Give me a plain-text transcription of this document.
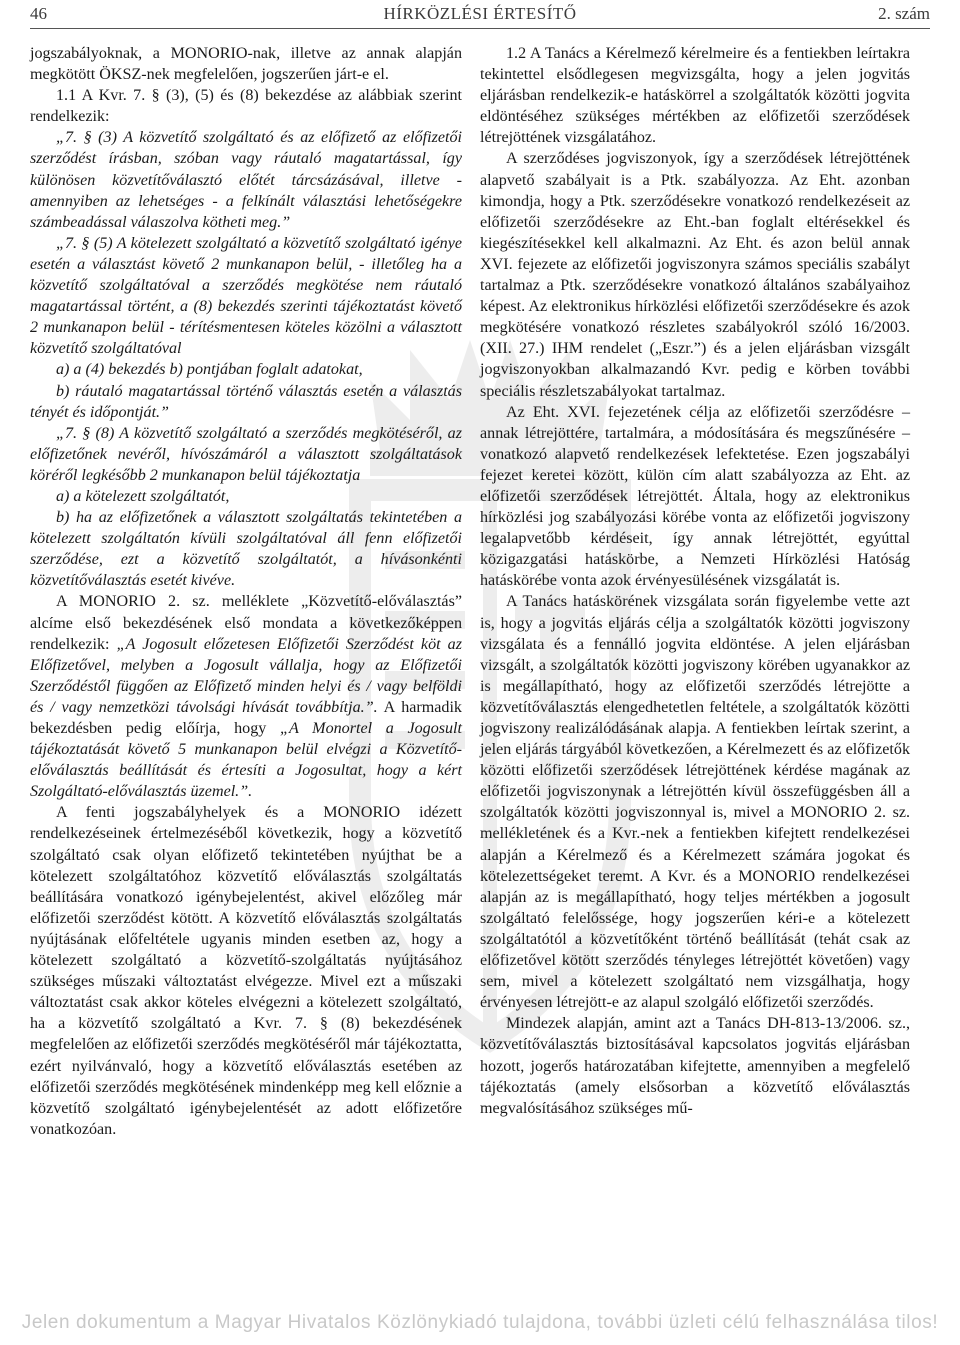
46	HÍRKÖZLÉSI ÉRTESÍTŐ	2. szám

jogszabályoknak, a MONORIO-nak, illetve az annak alapján megkötött ÖKSZ-nek megfelelően, jogszerűen járt-e el.

1.1 A Kvr. 7. § (3), (5) és (8) bekezdése az alábbiak szerint rendelkezik:

„7. § (3) A közvetítő szolgáltató és az előfizető az előfizetői szerződést írásban, szóban vagy ráutaló magatartással, így különösen közvetítőválasztó előtét tárcsázásával, illetve - amennyiben az lehetséges - a felkínált választási lehetőségekre számbeadással válaszolva kötheti meg.”

„7. § (5) A kötelezett szolgáltató a közvetítő szolgáltató igénye esetén a választást követő 2 munkanapon belül, - illetőleg ha a közvetítő szolgáltatóval a szerződés megkötése nem ráutaló magatartással történt, a (8) bekezdés szerinti tájékoztatást követő 2 munkanapon belül - térítésmentesen köteles közölni a választott közvetítő szolgáltatóval

a) a (4) bekezdés b) pontjában foglalt adatokat,

b) ráutaló magatartással történő választás esetén a választás tényét és időpontját.”

„7. § (8) A közvetítő szolgáltató a szerződés megkötéséről, az előfizetőnek nevéről, hívószámáról a választott szolgáltatások köréről legkésőbb 2 munkanapon belül tájékoztatja

a) a kötelezett szolgáltatót,

b) ha az előfizetőnek a választott szolgáltatás tekintetében a kötelezett szolgáltatón kívüli szolgáltatóval áll fenn előfizetői szerződése, ezt a közvetítő szolgáltatót, a hívásonkénti közvetítőválasztás esetét kivéve.

A MONORIO 2. sz. melléklete „Közvetítő-előválasztás” alcíme első bekezdésének első mondata a következőképpen rendelkezik: „A Jogosult előzetesen Előfizetői Szerződést köt az Előfizetővel, melyben a Jogosult vállalja, hogy az Előfizetői Szerződéstől függően az Előfizető minden helyi és / vagy belföldi és / vagy nemzetközi távolsági hívását továbbítja.”. A harmadik bekezdésben pedig előírja, hogy „A Monortel a Jogosult tájékoztatását követő 5 munkanapon belül elvégzi a Közvetítő-előválasztás beállítását és értesíti a Jogosultat, hogy a kért Szolgáltató-előválasztás üzemel.”.

A fenti jogszabályhelyek és a MONORIO idézett rendelkezéseinek értelmezéséből következik, hogy a közvetítő szolgáltató csak olyan előfizető tekintetében nyújthat be a kötelezett szolgáltatóhoz közvetítő előválasztás szolgáltatás beállítására vonatkozó igénybejelentést, akivel előzőleg már előfizetői szerződést kötött. A közvetítő előválasztás szolgáltatás nyújtásának előfeltétele ugyanis minden esetben az, hogy a kötelezett szolgáltató a közvetítő-szolgáltatás nyújtásához szükséges műszaki változtatást elvégezze. Mivel ezt a műszaki változtatást csak akkor köteles elvégezni a kötelezett szolgáltató, ha a közvetítő szolgáltató a Kvr. 7. § (8) bekezdésének megfelelően az előfizetői szerződés megkötéséről már tájékoztatta, ezért nyilvánvaló, hogy a közvetítő előválasztás esetében az előfizetői szerződés megkötésének mindenképp meg kell előznie a közvetítő szolgáltató igénybejelentését az adott előfizetőre vonatkozóan.

1.2 A Tanács a Kérelmező kérelmeire és a fentiekben leírtakra tekintettel elsődlegesen megvizsgálta, hogy a jelen jogvitás eljárásban rendelkezik-e hatáskörrel a szolgáltatók közötti jogvita eldöntéséhez szükséges mértékben az előfizetői szerződések létrejöttének vizsgálatához.

A szerződéses jogviszonyok, így a szerződések létrejöttének alapvető szabályait is a Ptk. szabályozza. Az Eht. azonban kimondja, hogy a Ptk. szerződésekre vonatkozó rendelkezéseit az előfizetői szerződésekre az Eht.-ban foglalt eltérésekkel és kiegészítésekkel kell alkalmazni. Az Eht. és azon belül annak XVI. fejezete az előfizetői jogviszonyra számos speciális szabályt tartalmaz a Ptk. szerződésekre vonatkozó általános szabályaihoz képest. Az elektronikus hírközlési előfizetői szerződésekre és azok megkötésére vonatkozó részletes szabályokról szóló 16/2003. (XII. 27.) IHM rendelet („Eszr.”) és a jelen eljárásban vizsgált jogviszonyokban alkalmazandó Kvr. pedig e körben további speciális részletszabályokat tartalmaz.

Az Eht. XVI. fejezetének célja az előfizetői szerződésre – annak létrejöttére, tartalmára, a módosítására és megszűnésére – vonatkozó alapvető rendelkezések lefektetése. Ezen jogszabályi fejezet keretei között, külön cím alatt szabályozza az Eht. az előfizetői szerződések létrejöttét. Általa, hogy az elektronikus hírközlési jog szabályozási körébe vonta az előfizetői jogviszony legalapvetőbb kérdéseit, így annak létrejöttét, egyúttal közigazgatási hatáskörbe, a Nemzeti Hírközlési Hatóság hatáskörébe vonta azok érvényesülésének vizsgálatát is.

A Tanács hatáskörének vizsgálata során figyelembe vette azt is, hogy a jogvitás eljárás célja a szolgáltatók közötti jogviszony vizsgálata és a fennálló jogvita eldöntése. A jelen eljárásban vizsgált, a szolgáltatók közötti jogviszony körében ugyanakkor az is megállapítható, hogy az előfizetői szerződés létrejötte a közvetítőválasztás elengedhetetlen feltétele, a szolgáltatók közötti jogviszony realizálódásának alapja. A fentiekben leírtak szerint, a jelen eljárás tárgyából következően, a Kérelmezett és az előfizetők közötti előfizetői szerződések létrejöttének kérdése magának az előfizetői jogviszonynak a létrejöttén kívül összefüggésben áll a szolgáltatók közötti jogviszonnyal is, mivel a MONORIO 2. sz. mellékletének és a Kvr.-nek a fentiekben kifejtett rendelkezései alapján a Kérelmező és a Kérelmezett számára jogokat és kötelezettségeket teremt. A Kvr. és a MONORIO rendelkezései alapján az is megállapítható, hogy teljes mértékben a jogosult szolgáltató felelőssége, hogy jogszerűen kéri-e a kötelezett szolgáltatótól a közvetítőként történő beállítását (tehát csak az előfizetővel kötött szerződés tényleges létrejöttét követően) vagy sem, mivel a kötelezett szolgáltató nem vizsgálhatja, hogy érvényesen létrejött-e az alapul szolgáló előfizetői szerződés.

Mindezek alapján, amint azt a Tanács DH-813-13/2006. sz., közvetítőválasztás biztosításával kapcsolatos jogvitás eljárásban hozott, jogerős határozatában kifejtette, amennyiben a megfelelő tájékoztatás (amely elsősorban a közvetítő előválasztás megvalósításához szükséges mű-

Jelen dokumentum a Magyar Hivatalos Közlönykiadó tulajdona, további üzleti célú felhasználása tilos!
